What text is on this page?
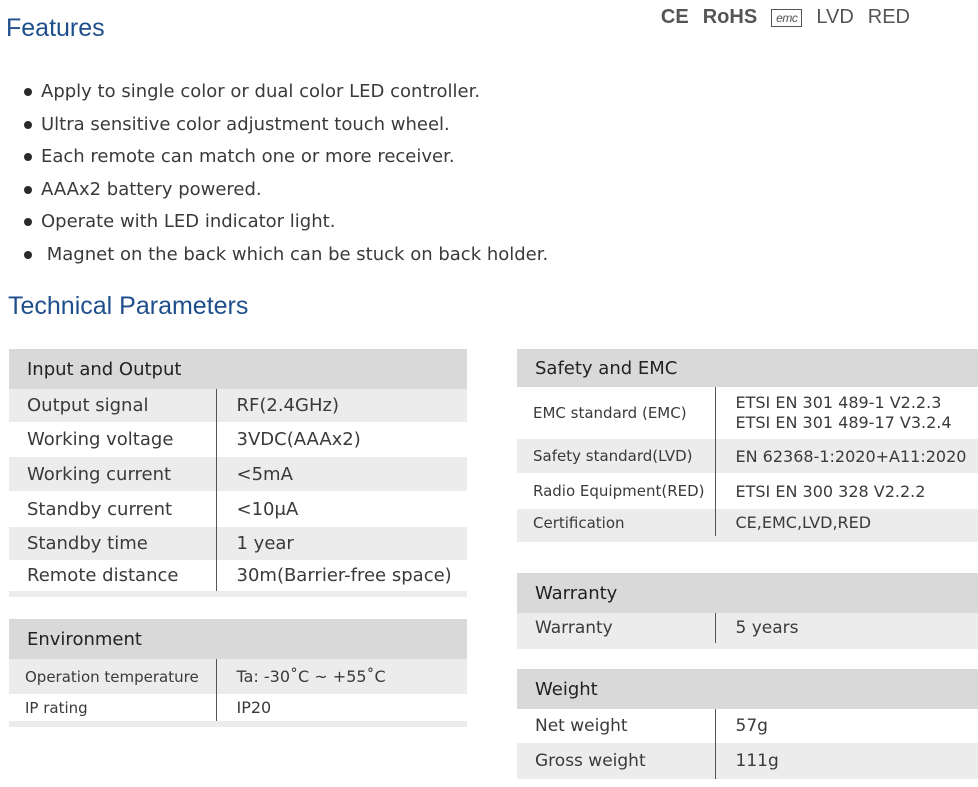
Features	CE RoHS	emc LVD RED
Apply to single color or dual color LED controller.
Ultra sensitive color adjustment touch wheel.
Each remote can match one or more receiver.
AAAx2 battery powered.
Operate with LED indicator light.
Magnet on the back which can be stuck on back holder.
Technical Parameters
Input and Output	
Output signal	RF(2.4GHz)
Working voltage	3VDC(AAAx2)
Working current	<5mA
Standby current	<10μA
Standby time	1 year
Remote distance	30m(Barrier-free space)
Environment	
Operation temperature	Ta: -30˚C ~ +55˚C
IP rating	IP20
Safety and EMC	
EMC standard (EMC)	ETSI EN 301 489-1 V2.2.3
ETSI EN 301 489-17 V3.2.4

Safety standard(LVD)	EN 62368-1:2020+A11:2020
Radio Equipment(RED)	ETSI EN 300 328 V2.2.2
Certification	CE,EMC,LVD,RED
Warranty
Warranty	5 years
Weight	
Net weight	57g
Gross weight	111g
